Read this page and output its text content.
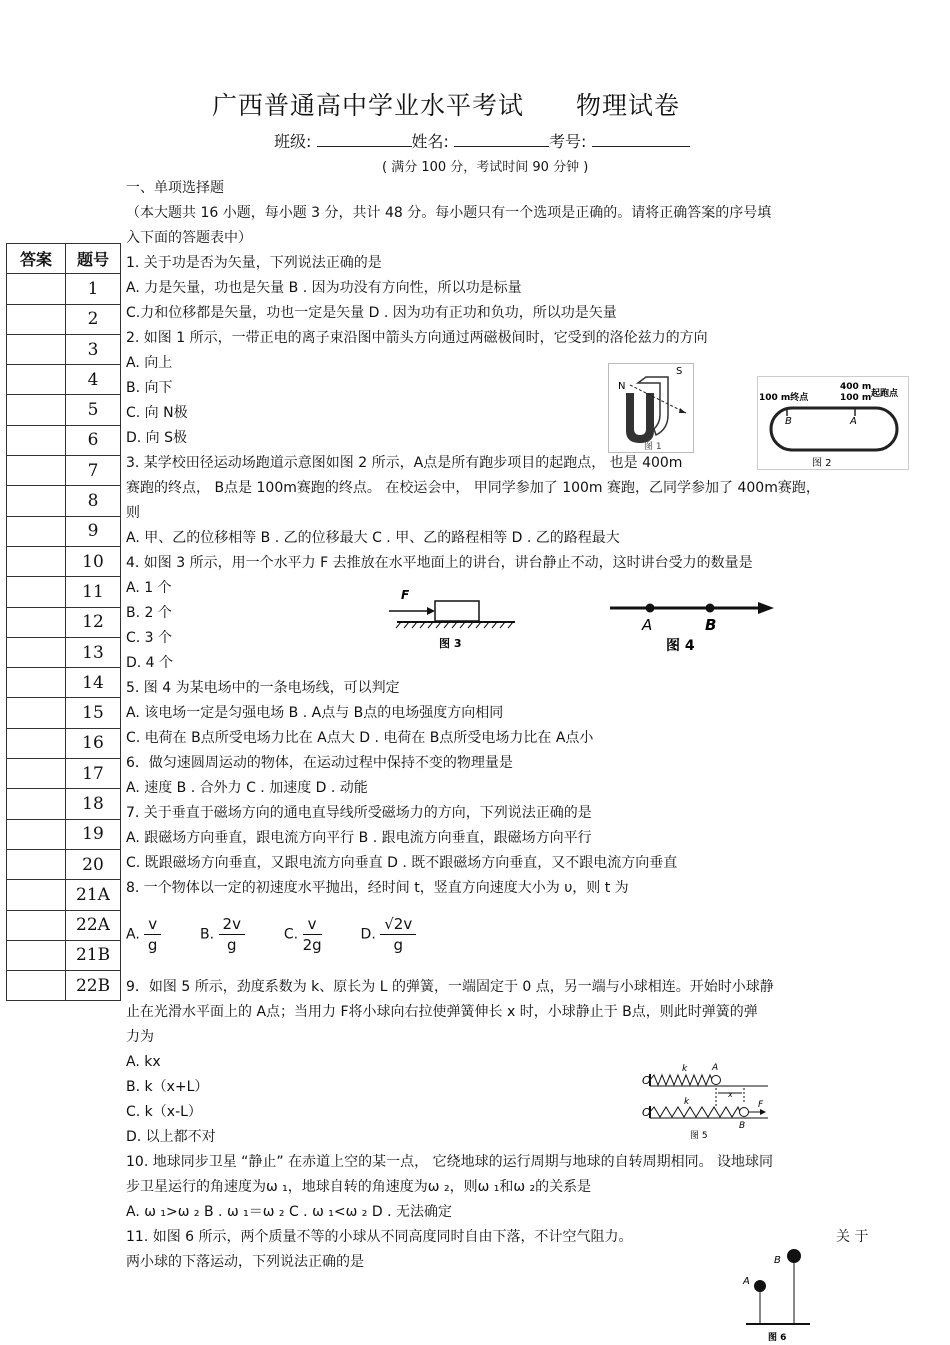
广西普通高中学业水平考试 物理试卷
班级:	姓名:	考号:
( 满分 100 分，考试时间 90 分钟 )
一、单项选择题
（本大题共 16 小题，每小题 3 分，共计 48 分。每小题只有一个选项是正确的。请将正确答案的序号填
入下面的答题表中）
答案	题号
	1
	2
	3
	4
	5
	6
	7
	8
	9
	10
	11
	12
	13
	14
	15
	16
	17
	18
	19
	20
	21A
	22A
	21B
	22B
1. 关于功是否为矢量，下列说法正确的是
A. 力是矢量，功也是矢量 B . 因为功没有方向性，所以功是标量
C.力和位移都是矢量，功也一定是矢量 D . 因为功有正功和负功，所以功是矢量
2. 如图 1 所示，一带正电的离子束沿图中箭头方向通过两磁极间时，它受到的洛伦兹力的方向
A. 向上
B. 向下
C. 向 N极
D. 向 S极
N
S
图 1
100 m终点
400 m
100 m 起跑点
B	A
图 2
3. 某学校田径运动场跑道示意图如图 2 所示，A点是所有跑步项目的起跑点， 也是 400m
赛跑的终点， B点是 100m赛跑的终点。 在校运会中， 甲同学参加了 100m 赛跑，乙同学参加了 400m赛跑，
则
A. 甲、乙的位移相等 B . 乙的位移最大 C . 甲、乙的路程相等 D . 乙的路程最大
4. 如图 3 所示，用一个水平力 F 去推放在水平地面上的讲台，讲台静止不动，这时讲台受力的数量是
A. 1 个
B. 2 个
C. 3 个
D. 4 个
F
图 3
A	B
图 4
5. 图 4 为某电场中的一条电场线，可以判定
A. 该电场一定是匀强电场 B . A点与 B点的电场强度方向相同
C. 电荷在 B点所受电场力比在 A点大 D . 电荷在 B点所受电场力比在 A点小
6．做匀速圆周运动的物体，在运动过程中保持不变的物理量是
A. 速度 B . 合外力 C . 加速度 D . 动能
7. 关于垂直于磁场方向的通电直导线所受磁场力的方向，下列说法正确的是
A. 跟磁场方向垂直，跟电流方向平行 B . 跟电流方向垂直，跟磁场方向平行
C. 既跟磁场方向垂直，又跟电流方向垂直 D . 既不跟磁场方向垂直，又不跟电流方向垂直
8. 一个物体以一定的初速度水平抛出，经时间 t，竖直方向速度大小为 υ，则 t 为
A. $\frac{v}{g}$	B. $\frac{2v}{g}$	C. $\frac{v}{2g}$	D. $\frac{√2v}{g}$
9．如图 5 所示，劲度系数为 k、原长为 L 的弹簧，一端固定于 0 点，另一端与小球相连。开始时小球静
止在光滑水平面上的 A点；当用力 F将小球向右拉使弹簧伸长 x 时，小球静止于 B点，则此时弹簧的弹
力为
A. kx
B. k（x+L）
C. k（x-L）
D. 以上都不对
O
k	A
x
O
F
k
B
图 5
10. 地球同步卫星 “静止” 在赤道上空的某一点， 它绕地球的运行周期与地球的自转周期相同。 设地球同
步卫星运行的角速度为ω ₁，地球自转的角速度为ω ₂，则ω ₁和ω ₂的关系是
A. ω ₁>ω ₂ B . ω ₁＝ω ₂ C . ω ₁<ω ₂ D . 无法确定
11. 如图 6 所示，两个质量不等的小球从不同高度同时自由下落，不计空气阻力。	关 于
两小球的下落运动，下列说法正确的是	B
A
图 6
